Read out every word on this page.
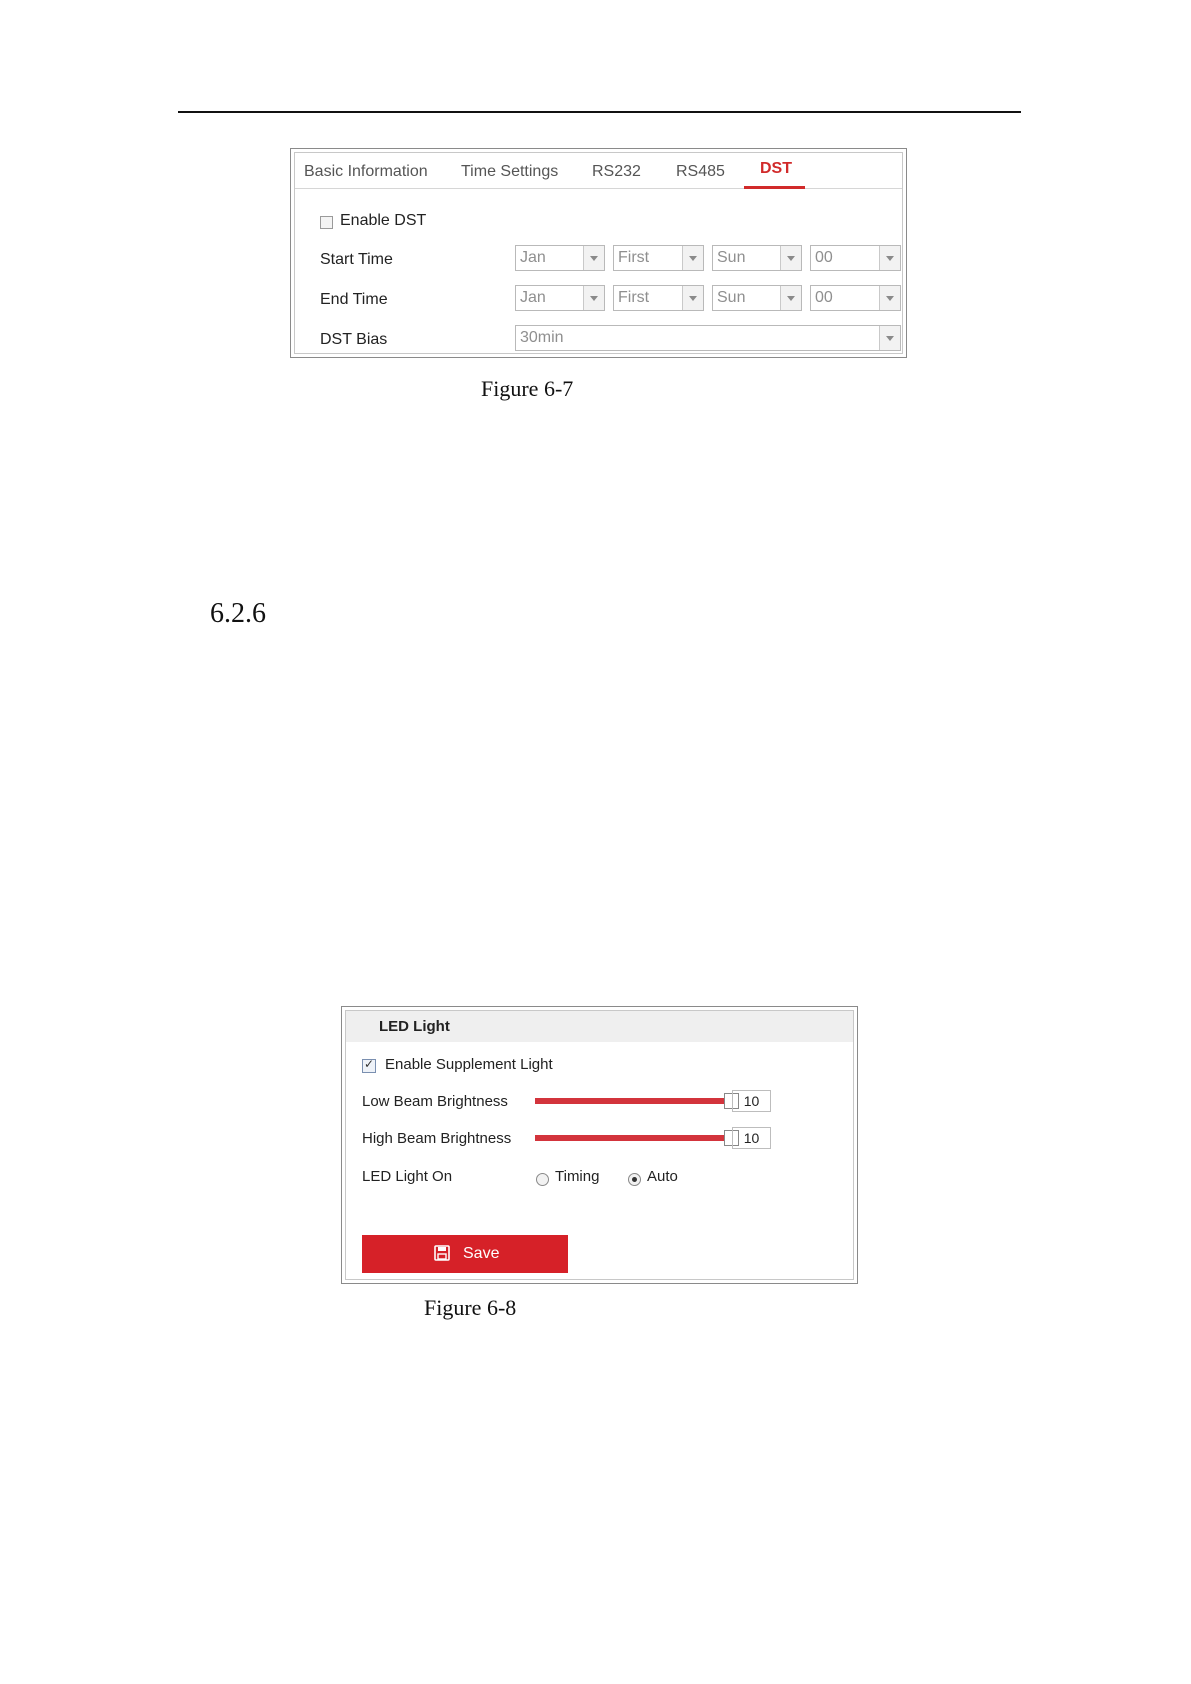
Basic Information Time Settings RS232 RS485 DST
Enable DST
Start Time	Jan	First	Sun	00
End Time	Jan	First	Sun	00
DST Bias	30min
Figure 6-7
6.2.6
LED Light
✓
Enable Supplement Light
Low Beam Brightness	10
High Beam Brightness	10
LED Light On	Timing	Auto
Save
Figure 6-8
